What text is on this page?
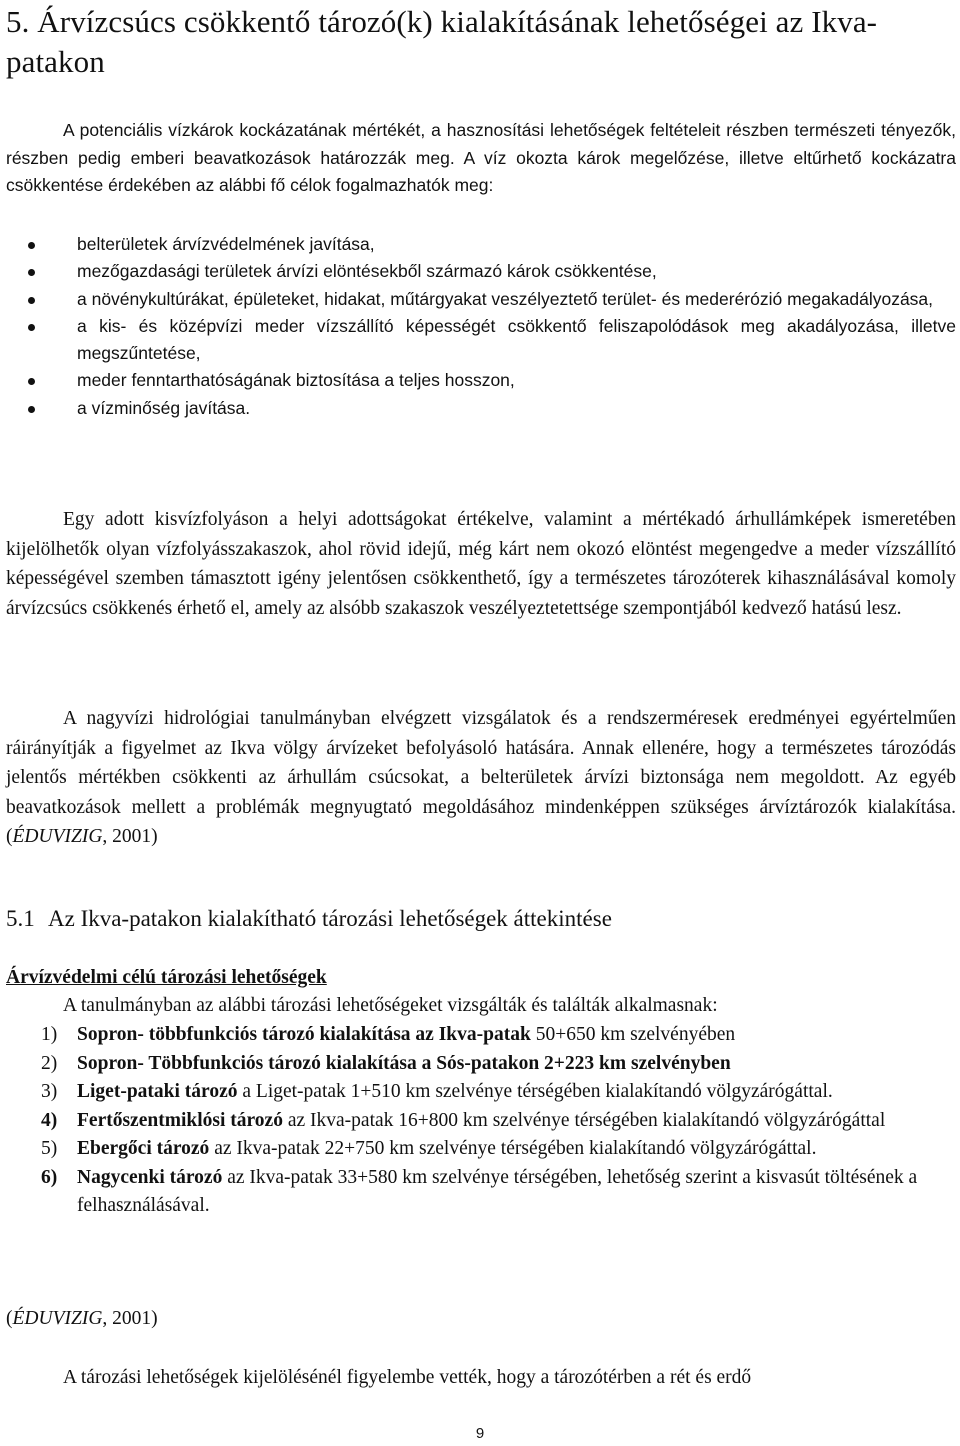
5. Árvízcsúcs csökkentő tározó(k) kialakításának lehetőségei az Ikva-patakon

A potenciális vízkárok kockázatának mértékét, a hasznosítási lehetőségek feltételeit részben természeti tényezők, részben pedig emberi beavatkozások határozzák meg. A víz okozta károk megelőzése, illetve eltűrhető kockázatra csökkentése érdekében az alábbi fő célok fogalmazhatók meg:

belterületek árvízvédelmének javítása,
mezőgazdasági területek árvízi elöntésekből származó károk csökkentése,
a növénykultúrákat, épületeket, hidakat, műtárgyakat veszélyeztető terület- és mederérózió megakadályozása,
a kis- és középvízi meder vízszállító képességét csökkentő feliszapolódások meg akadályozása, illetve megszűntetése,
meder fenntarthatóságának biztosítása a teljes hosszon,
a vízminőség javítása.

Egy adott kisvízfolyáson a helyi adottságokat értékelve, valamint a mértékadó árhullámképek ismeretében kijelölhetők olyan vízfolyásszakaszok, ahol rövid idejű, még kárt nem okozó elöntést megengedve a meder vízszállító képességével szemben támasztott igény jelentősen csökkenthető, így a természetes tározóterek kihasználásával komoly árvízcsúcs csökkenés érhető el, amely az alsóbb szakaszok veszélyeztetettsége szempontjából kedvező hatású lesz.

A nagyvízi hidrológiai tanulmányban elvégzett vizsgálatok és a rendszerméresek eredményei egyértelműen ráirányítják a figyelmet az Ikva völgy árvízeket befolyásoló hatására. Annak ellenére, hogy a természetes tározódás jelentős mértékben csökkenti az árhullám csúcsokat, a belterületek árvízi biztonsága nem megoldott. Az egyéb beavatkozások mellett a problémák megnyugtató megoldásához mindenképpen szükséges árvíztározók kialakítása. (ÉDUVIZIG, 2001)

5.1 Az Ikva-patakon kialakítható tározási lehetőségek áttekintése
Árvízvédelmi célú tározási lehetőségek

A tanulmányban az alábbi tározási lehetőségeket vizsgálták és találták alkalmasnak:

1) Sopron- többfunkciós tározó kialakítása az Ikva-patak 50+650 km szelvényében
2) Sopron- Többfunkciós tározó kialakítása a Sós-patakon 2+223 km szelvényben
3) Liget-pataki tározó a Liget-patak 1+510 km szelvénye térségében kialakítandó völgyzárógáttal.
4) Fertőszentmiklósi tározó az Ikva-patak 16+800 km szelvénye térségében kialakítandó völgyzárógáttal
5) Ebergőci tározó az Ikva-patak 22+750 km szelvénye térségében kialakítandó völgyzárógáttal.
6) Nagycenki tározó az Ikva-patak 33+580 km szelvénye térségében, lehetőség szerint a kisvasút töltésének a felhasználásával.

(ÉDUVIZIG, 2001)

A tározási lehetőségek kijelölésénél figyelembe vették, hogy a tározótérben a rét és erdő

9
